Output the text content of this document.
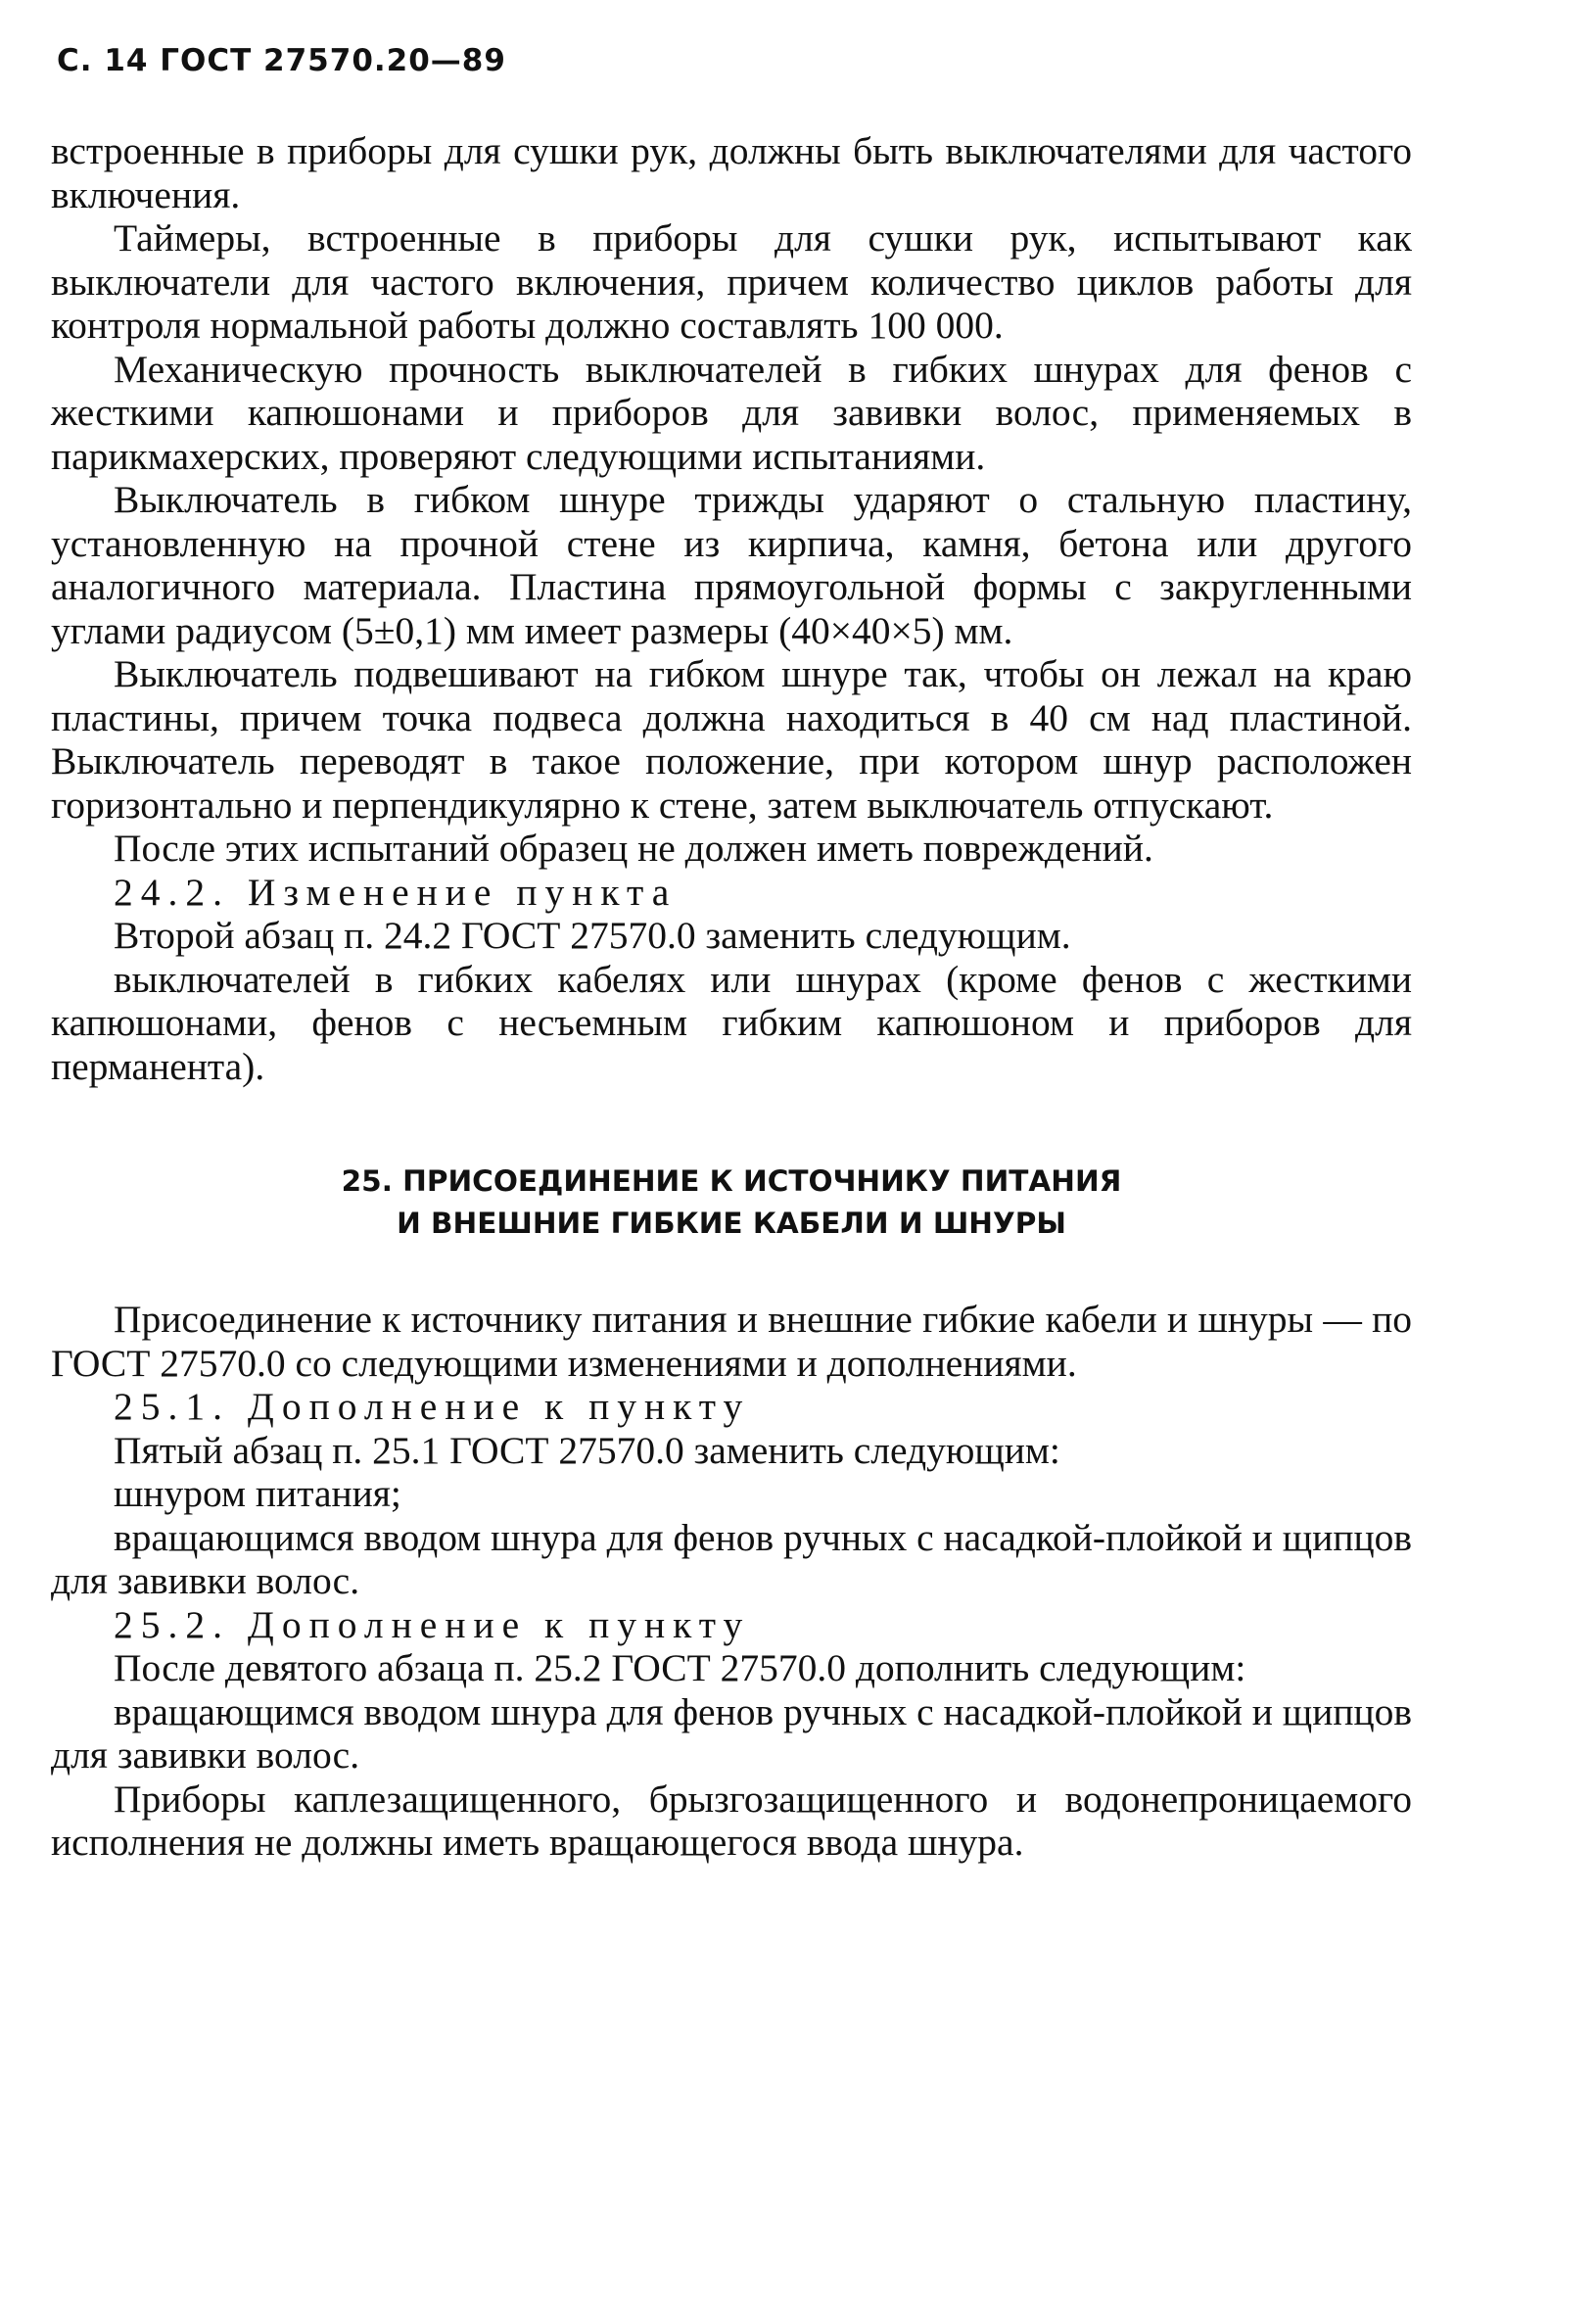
С. 14 ГОСТ 27570.20—89

встроенные в приборы для сушки рук, должны быть выключателями для частого включения.

Таймеры, встроенные в приборы для сушки рук, испытывают как выключатели для частого включения, причем количество циклов работы для контроля нормальной работы должно составлять 100 000.

Механическую прочность выключателей в гибких шнурах для фенов с жесткими капюшонами и приборов для завивки волос, применяемых в парикмахерских, проверяют следующими испытаниями.

Выключатель в гибком шнуре трижды ударяют о стальную пластину, установленную на прочной стене из кирпича, камня, бетона или другого аналогичного материала. Пластина прямоугольной формы с закругленными углами радиусом (5±0,1) мм имеет размеры (40×40×5) мм.

Выключатель подвешивают на гибком шнуре так, чтобы он лежал на краю пластины, причем точка подвеса должна находиться в 40 см над пластиной. Выключатель переводят в такое положение, при котором шнур расположен горизонтально и перпендикулярно к стене, затем выключатель отпускают.

После этих испытаний образец не должен иметь повреждений.

24.2. Изменение пункта

Второй абзац п. 24.2 ГОСТ 27570.0 заменить следующим.

выключателей в гибких кабелях или шнурах (кроме фенов с жесткими капюшонами, фенов с несъемным гибким капюшоном и приборов для перманента).

25. ПРИСОЕДИНЕНИЕ К ИСТОЧНИКУ ПИТАНИЯ
И ВНЕШНИЕ ГИБКИЕ КАБЕЛИ И ШНУРЫ

Присоединение к источнику питания и внешние гибкие кабели и шнуры — по ГОСТ 27570.0 со следующими изменениями и дополнениями.

25.1. Дополнение к пункту

Пятый абзац п. 25.1 ГОСТ 27570.0 заменить следующим:

шнуром питания;

вращающимся вводом шнура для фенов ручных с насадкой-плойкой и щипцов для завивки волос.

25.2. Дополнение к пункту

После девятого абзаца п. 25.2 ГОСТ 27570.0 дополнить следующим:

вращающимся вводом шнура для фенов ручных с насадкой-плойкой и щипцов для завивки волос.

Приборы каплезащищенного, брызгозащищенного и водонепроницаемого исполнения не должны иметь вращающегося ввода шнура.
